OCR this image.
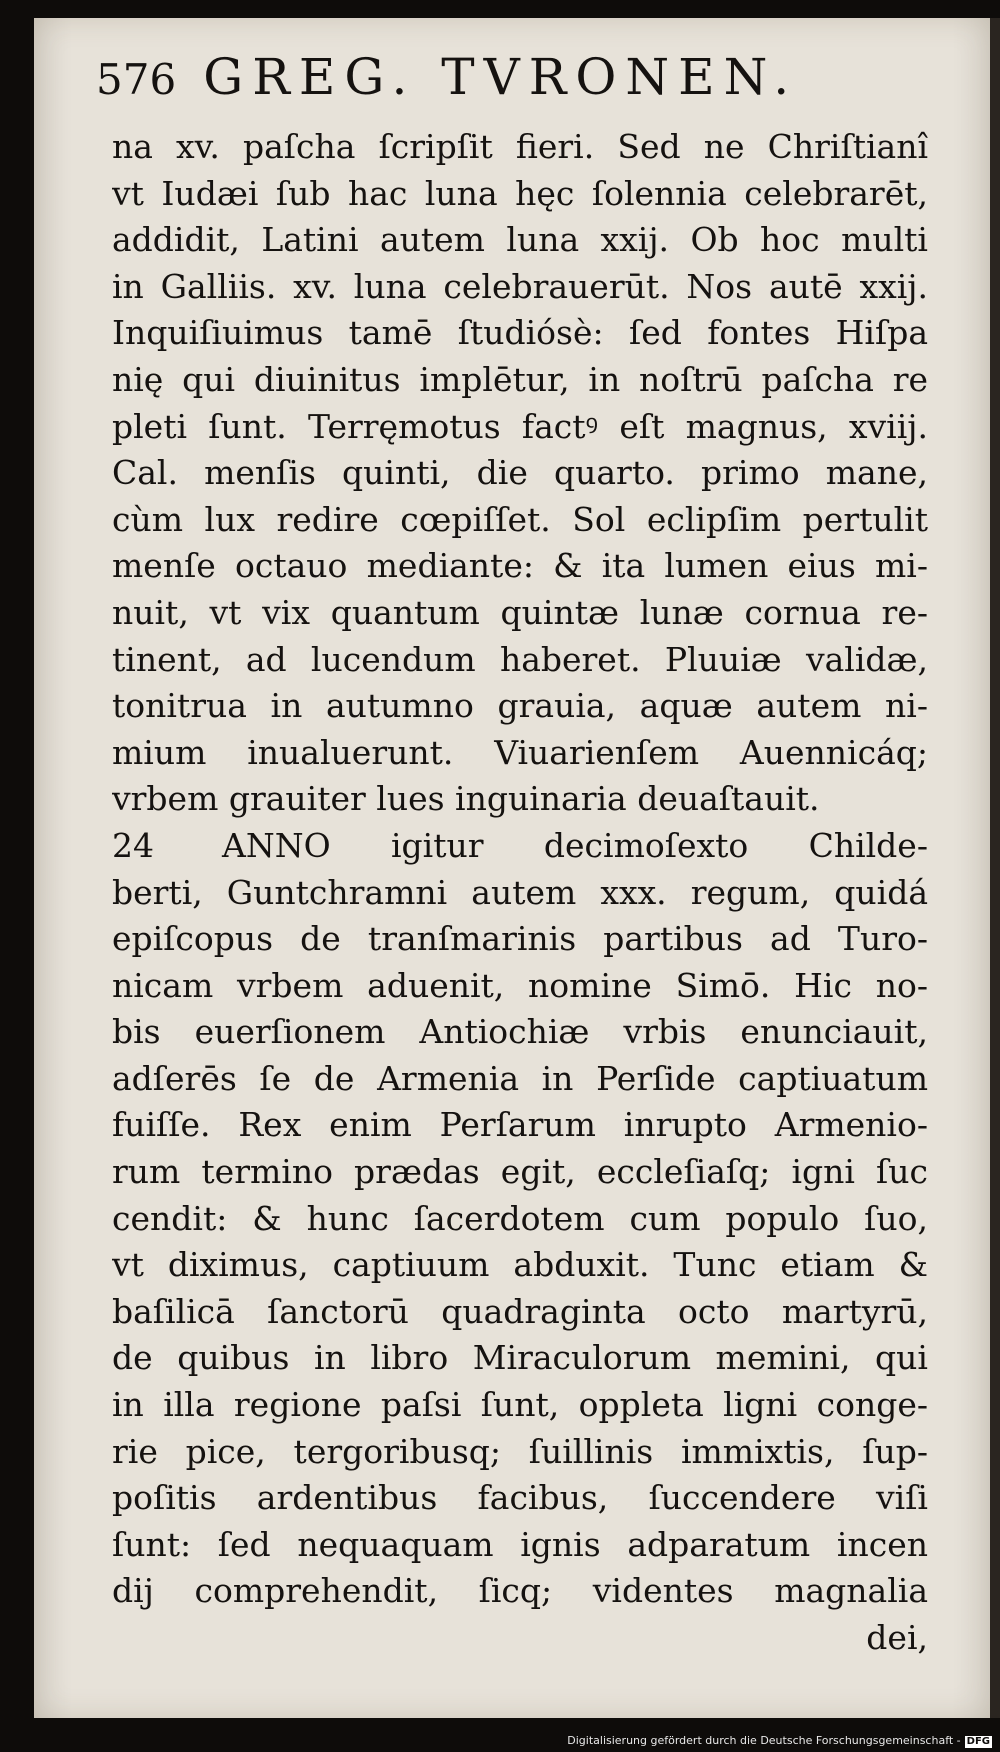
576 GREG. TVRONEN.
na xv. paſcha ſcripſit fieri. Sed ne Chriſtianî
vt Iudæi ſub hac luna hęc ſolennia celebrarēt,
addidit, Latini autem luna xxij. Ob hoc multi
in Galliis. xv. luna celebrauerūt. Nos autē xxij.
Inquiſiuimus tamē ſtudiósè: ſed fontes Hiſpa
nię qui diuinitus implētur, in noſtrū paſcha re
pleti ſunt. Terręmotus factꝰ eſt magnus, xviij.
Cal. menſis quinti, die quarto. primo mane,
cùm lux redire cœpiſſet. Sol eclipſim pertulit
menſe octauo mediante: & ita lumen eius mi-
nuit, vt vix quantum quintæ lunæ cornua re-
tinent, ad lucendum haberet. Pluuiæ validæ,
tonitrua in autumno grauia, aquæ autem ni-
mium inualuerunt. Viuarienſem Auennicáq;
vrbem grauiter lues inguinaria deuaſtauit.
24 ANNO igitur decimoſexto Childe-
berti, Guntchramni autem xxx. regum, quidá
epiſcopus de tranſmarinis partibus ad Turo-
nicam vrbem aduenit, nomine Simō. Hic no-
bis euerſionem Antiochiæ vrbis enunciauit,
adſerēs ſe de Armenia in Perſide captiuatum
fuiſſe. Rex enim Perſarum inrupto Armenio-
rum termino prædas egit, eccleſiaſq; igni ſuc
cendit: & hunc ſacerdotem cum populo ſuo,
vt diximus, captiuum abduxit. Tunc etiam &
baſilicā ſanctorū quadraginta octo martyrū,
de quibus in libro Miraculorum memini, qui
in illa regione paſsi ſunt, oppleta ligni conge-
rie pice, tergoribusq; ſuillinis immixtis, ſup-
poſitis ardentibus facibus, ſuccendere viſi
ſunt: ſed nequaquam ignis adparatum incen
dij comprehendit, ſicq; videntes magnalia
dei,
Digitalisierung gefördert durch die Deutsche Forschungsgemeinschaft - DFG
